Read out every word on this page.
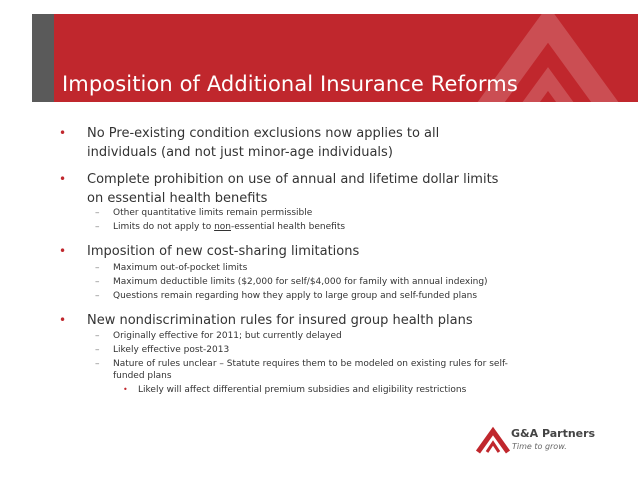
Imposition of Additional Insurance Reforms
• No Pre-existing condition exclusions now applies to all
individuals (and not just minor-age individuals)
• Complete prohibition on use of annual and lifetime dollar limits
on essential health benefits
– Other quantitative limits remain permissible
– Limits do not apply to non-essential health benefits
• Imposition of new cost-sharing limitations
– Maximum out-of-pocket limits
– Maximum deductible limits ($2,000 for self/$4,000 for family with annual indexing)
– Questions remain regarding how they apply to large group and self-funded plans
• New nondiscrimination rules for insured group health plans
– Originally effective for 2011; but currently delayed
– Likely effective post-2013
– Nature of rules unclear – Statute requires them to be modeled on existing rules for self-
funded plans
• Likely will affect differential premium subsidies and eligibility restrictions
G&A Partners
Time to grow.
